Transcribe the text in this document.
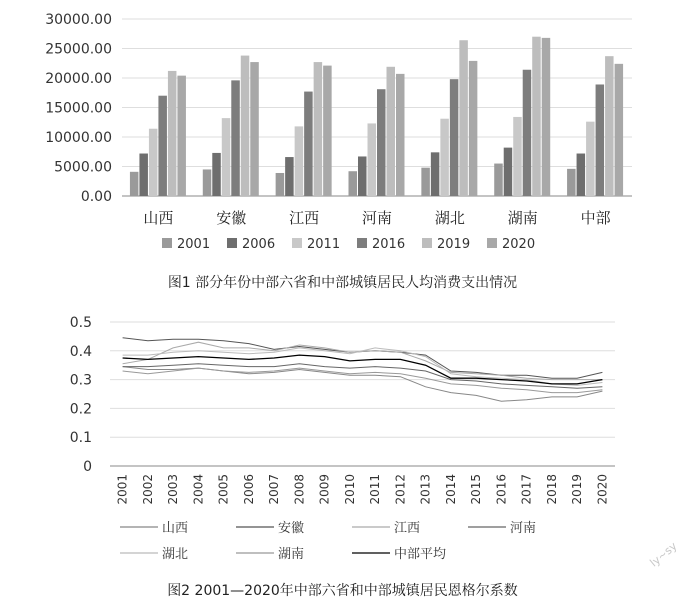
0.00
5000.00
10000.00
15000.00
20000.00
25000.00
30000.00
山西	安徽	江西	河南	湖北	湖南	中部
2001 2006 2011 2016 2019 2020
图1 部分年份中部六省和中部城镇居民人均消费支出情况
0
0.1
0.2
0.3
0.4
0.5
2001 2002 2003 2004 2005 2006 2007 2008 2009 2010 2011 2012 2013 2014 2015 2016 2017 2018 2019 2020
山西	安徽	江西	河南
湖北	湖南	中部平均
图2 2001—2020年中部六省和中部城镇居民恩格尔系数
ly~sy
